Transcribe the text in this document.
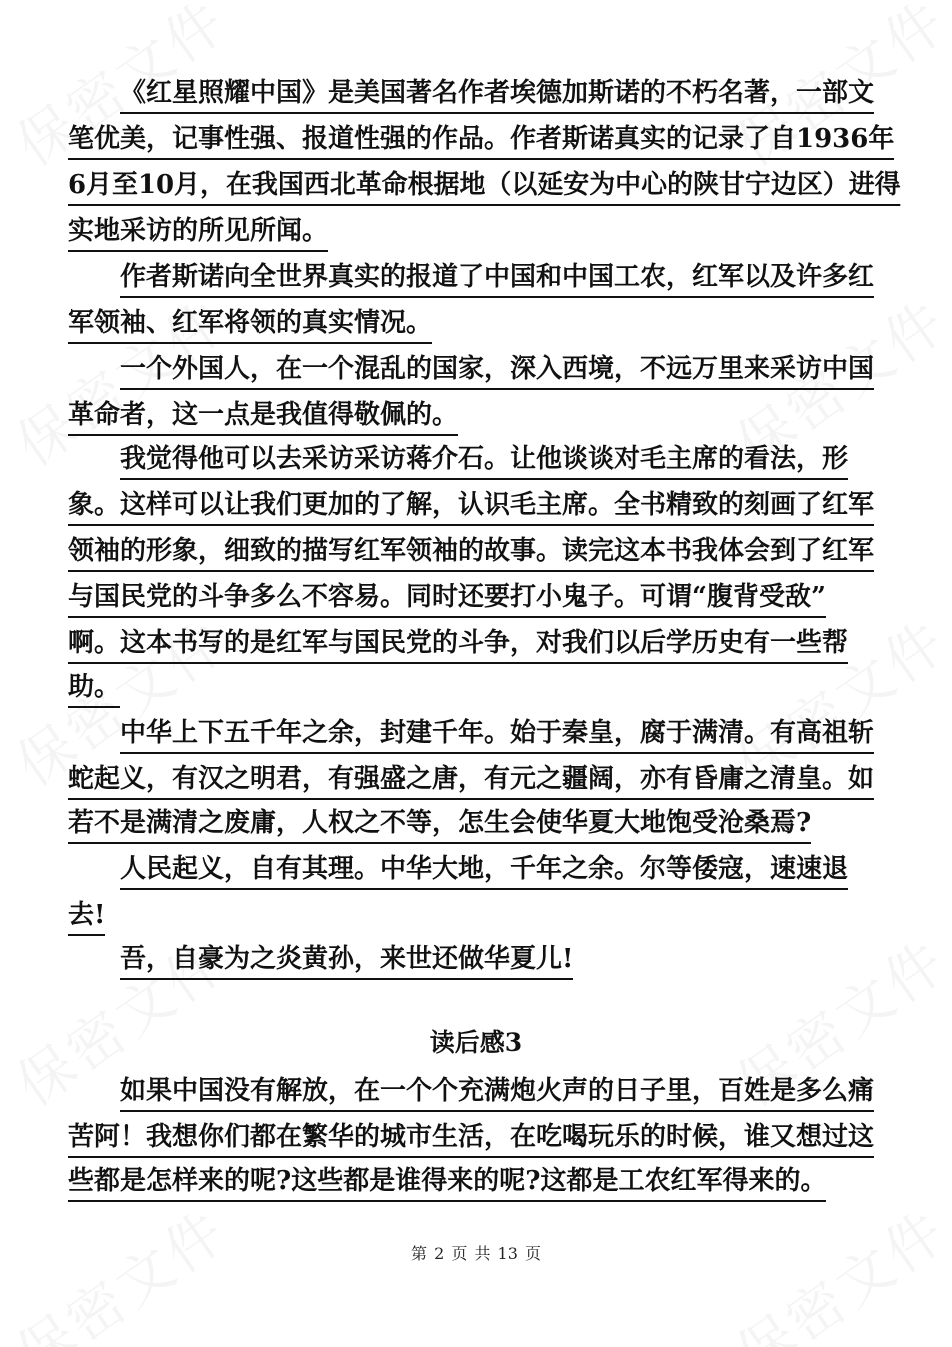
《红星照耀中国》是美国著名作者埃德加斯诺的不朽名著，一部文
笔优美，记事性强、报道性强的作品。作者斯诺真实的记录了自1936年
6月至10月，在我国西北革命根据地（以延安为中心的陕甘宁边区）进得
实地采访的所见所闻。
作者斯诺向全世界真实的报道了中国和中国工农，红军以及许多红
军领袖、红军将领的真实情况。
一个外国人，在一个混乱的国家，深入西境，不远万里来采访中国
革命者，这一点是我值得敬佩的。
我觉得他可以去采访采访蒋介石。让他谈谈对毛主席的看法，形
象。这样可以让我们更加的了解，认识毛主席。全书精致的刻画了红军
领袖的形象，细致的描写红军领袖的故事。读完这本书我体会到了红军
与国民党的斗争多么不容易。同时还要打小鬼子。可谓“腹背受敌”
啊。这本书写的是红军与国民党的斗争，对我们以后学历史有一些帮
助。
中华上下五千年之余，封建千年。始于秦皇，腐于满清。有高祖斩
蛇起义，有汉之明君，有强盛之唐，有元之疆阔，亦有昏庸之清皇。如
若不是满清之废庸，人权之不等，怎生会使华夏大地饱受沧桑焉?
人民起义，自有其理。中华大地，千年之余。尔等倭寇，速速退
去!
吾，自豪为之炎黄孙，来世还做华夏儿!
读后感3
如果中国没有解放，在一个个充满炮火声的日子里，百姓是多么痛
苦阿！我想你们都在繁华的城市生活，在吃喝玩乐的时候，谁又想过这
些都是怎样来的呢?这些都是谁得来的呢?这都是工农红军得来的。
第 2 页 共 13 页
